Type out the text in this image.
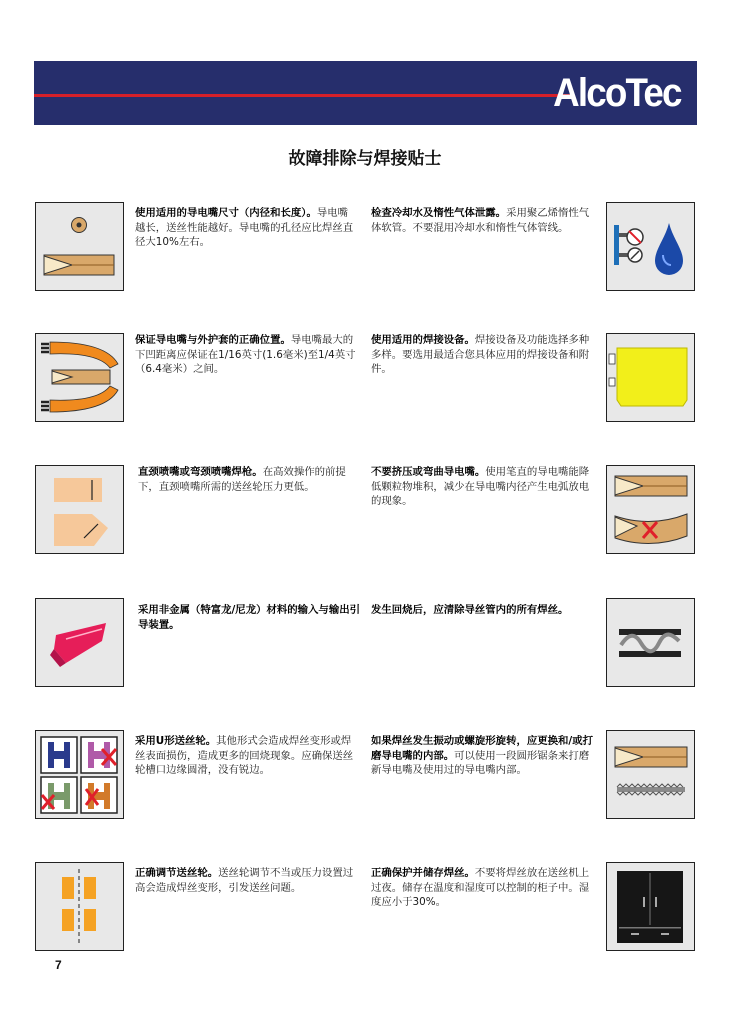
AlcoTec
故障排除与焊接贴士
使用适用的导电嘴尺寸（内径和长度）。导电嘴越长，送丝性能越好。导电嘴的孔径应比焊丝直径大10%左右。
检查冷却水及惰性气体泄露。采用聚乙烯惰性气体软管。不要混用冷却水和惰性气体管线。
保证导电嘴与外护套的正确位置。导电嘴最大的下凹距离应保证在1/16英寸(1.6毫米)至1/4英寸（6.4毫米）之间。
使用适用的焊接设备。焊接设备及功能选择多种多样。要选用最适合您具体应用的焊接设备和附件。
直颈喷嘴或弯颈喷嘴焊枪。在高效操作的前提下，直颈喷嘴所需的送丝轮压力更低。
不要挤压或弯曲导电嘴。使用笔直的导电嘴能降低颗粒物堆积，减少在导电嘴内径产生电弧放电的现象。
采用非金属（特富龙/尼龙）材料的输入与输出引导装置。
发生回烧后，应清除导丝管内的所有焊丝。
采用U形送丝轮。其他形式会造成焊丝变形或焊丝表面损伤，造成更多的回烧现象。应确保送丝轮槽口边缘圆滑，没有锐边。
如果焊丝发生振动或螺旋形旋转，应更换和/或打磨导电嘴的内部。可以使用一段圆形锯条来打磨新导电嘴及使用过的导电嘴内部。
正确调节送丝轮。送丝轮调节不当或压力设置过高会造成焊丝变形，引发送丝问题。
正确保护并储存焊丝。不要将焊丝放在送丝机上过夜。储存在温度和湿度可以控制的柜子中。湿度应小于30%。
7
